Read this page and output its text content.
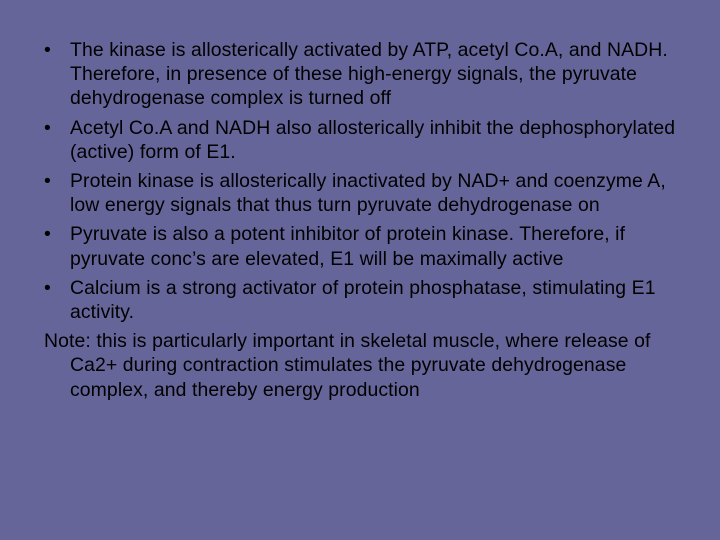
• The kinase is allosterically activated by ATP, acetyl Co.A, and NADH. Therefore, in presence of these high-energy signals, the pyruvate dehydrogenase complex is turned off
• Acetyl Co.A and NADH also allosterically inhibit the dephosphorylated (active) form of E1.
• Protein kinase is allosterically inactivated by NAD+ and coenzyme A, low energy signals that thus turn pyruvate dehydrogenase on
• Pyruvate is also a potent inhibitor of protein kinase. Therefore, if pyruvate conc’s are elevated, E1 will be maximally active
• Calcium is a strong activator of protein phosphatase, stimulating E1 activity.

Note: this is particularly important in skeletal muscle, where release of Ca2+ during contraction stimulates the pyruvate dehydrogenase complex, and thereby energy production
